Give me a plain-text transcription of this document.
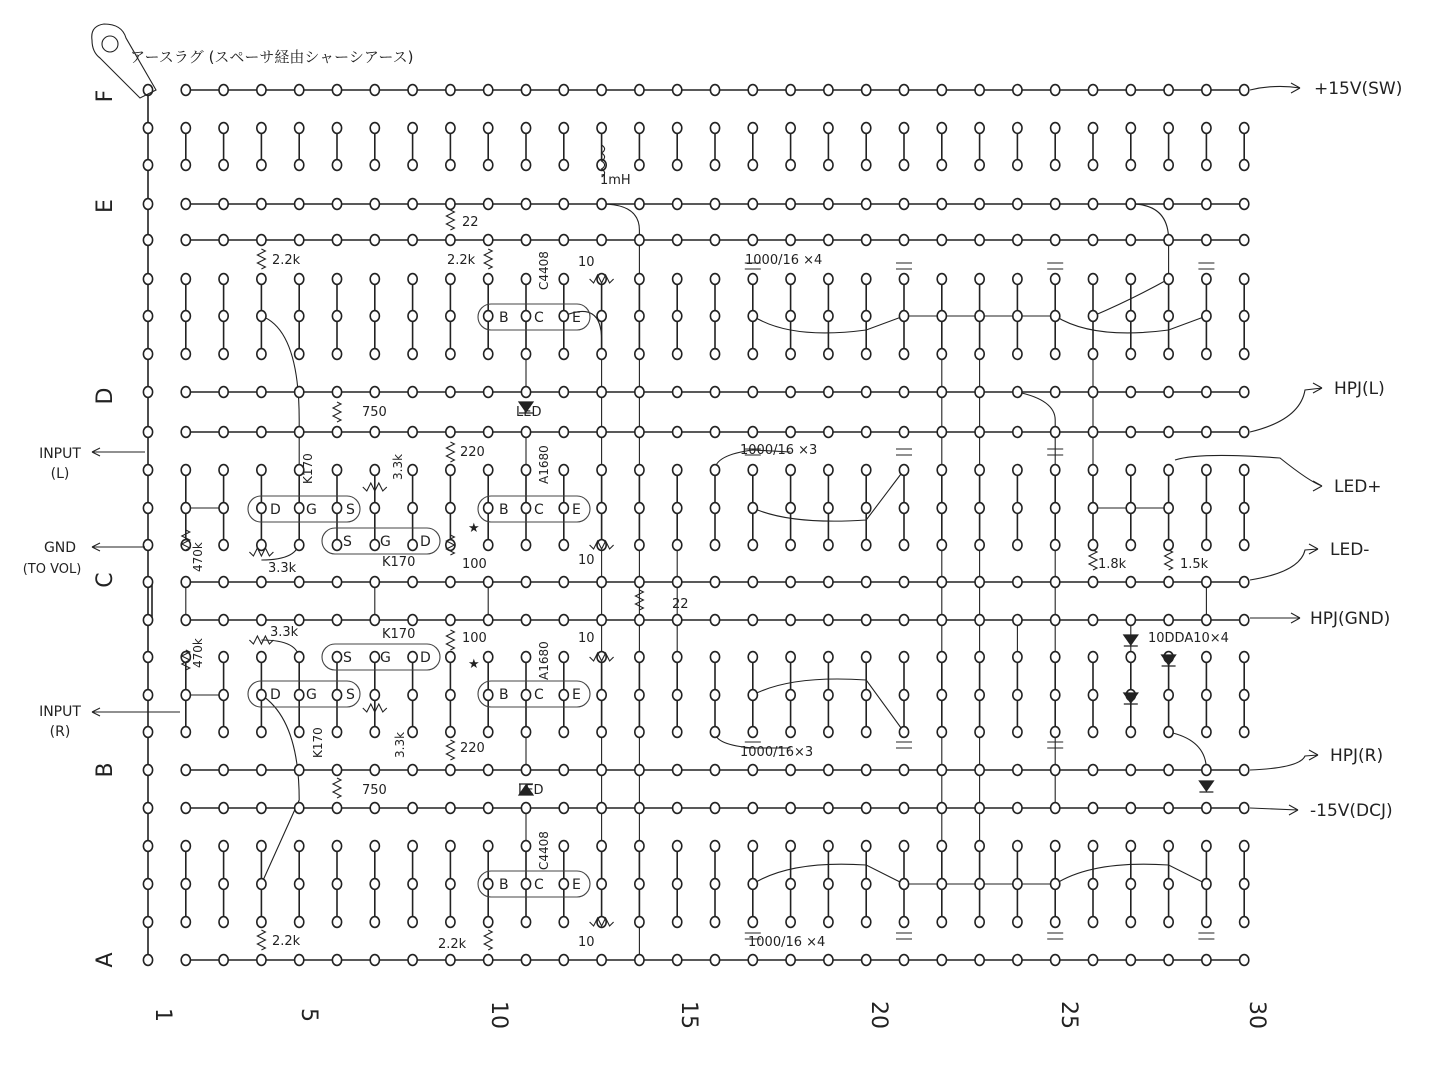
★
★
アースラグ (スペーサ経由シャーシアース)
F
E
D
C
B
A
1	5	10	15	20	25	30
INPUT
(L)
GND
(TO VOL)
INPUT
(R)
+15V(SW)
HPJ(L)
LED+
LED-
HPJ(GND)
HPJ(R)
-15V(DCJ)
1mH
22
2.2k	2.2k	C4408 10	1000/16 ×4
750	LED
220
K170	3.3k	A1680	1000/16 ×3
470k	3.3k	K170	100	10
22
1.8k	1.5k
470k
3.3k	K170	100
A1680
10	10DDA10×4
K170	3.3k	220	1000/16×3
750	LED
C4408
2.2k	2.2k	10	1000/16 ×4
B C E
B C E
D G S
S G D
S G D
D G S	B C E
B C E
